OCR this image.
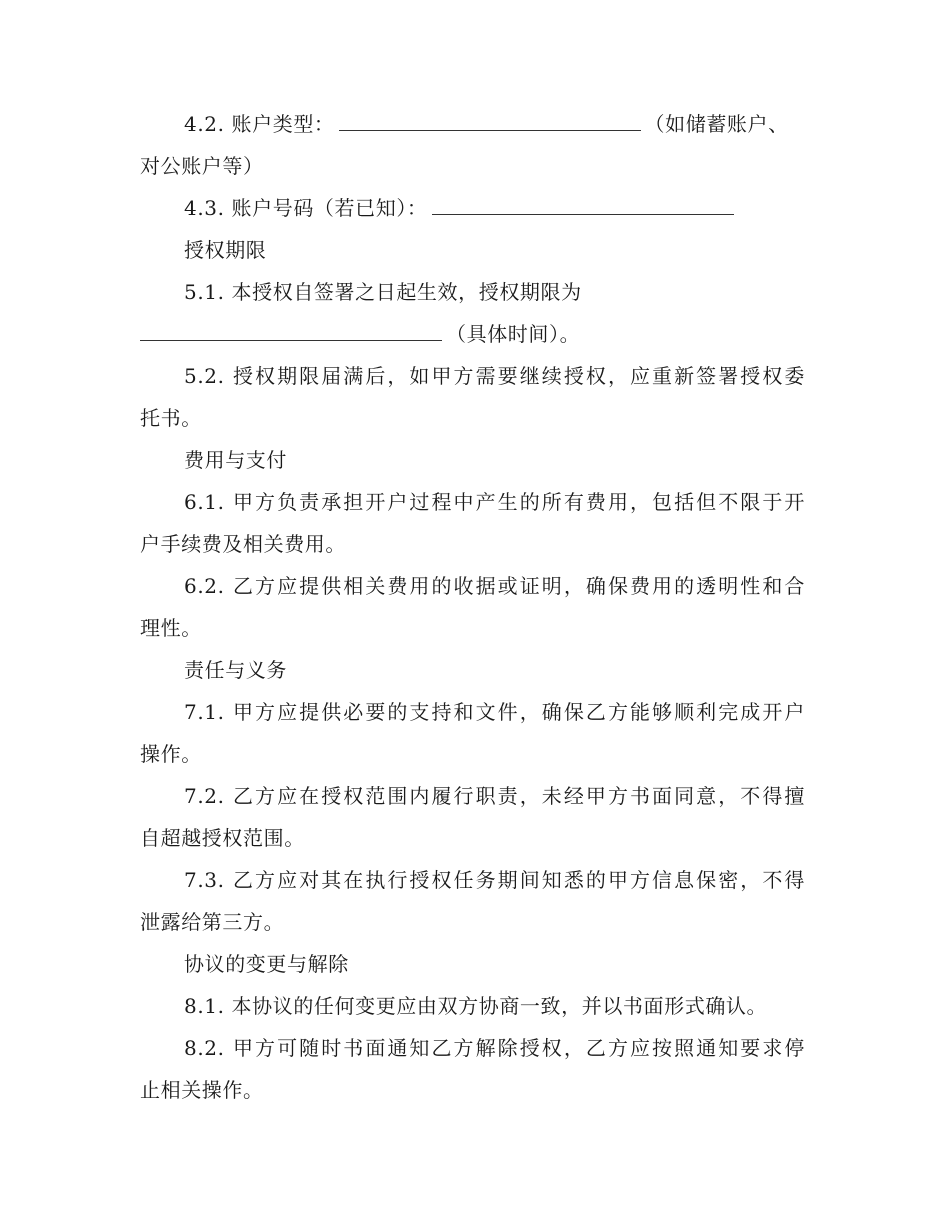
4.2. 账户类型：	（如储蓄账户、
对公账户等）
4.3. 账户号码（若已知）：
授权期限
5.1. 本授权自签署之日起生效，授权期限为
（具体时间）。
5.2. 授权期限届满后，如甲方需要继续授权，应重新签署授权委
托书。
费用与支付
6.1. 甲方负责承担开户过程中产生的所有费用，包括但不限于开
户手续费及相关费用。
6.2. 乙方应提供相关费用的收据或证明，确保费用的透明性和合
理性。
责任与义务
7.1. 甲方应提供必要的支持和文件，确保乙方能够顺利完成开户
操作。
7.2. 乙方应在授权范围内履行职责，未经甲方书面同意，不得擅
自超越授权范围。
7.3. 乙方应对其在执行授权任务期间知悉的甲方信息保密，不得
泄露给第三方。
协议的变更与解除
8.1. 本协议的任何变更应由双方协商一致，并以书面形式确认。
8.2. 甲方可随时书面通知乙方解除授权，乙方应按照通知要求停
止相关操作。
